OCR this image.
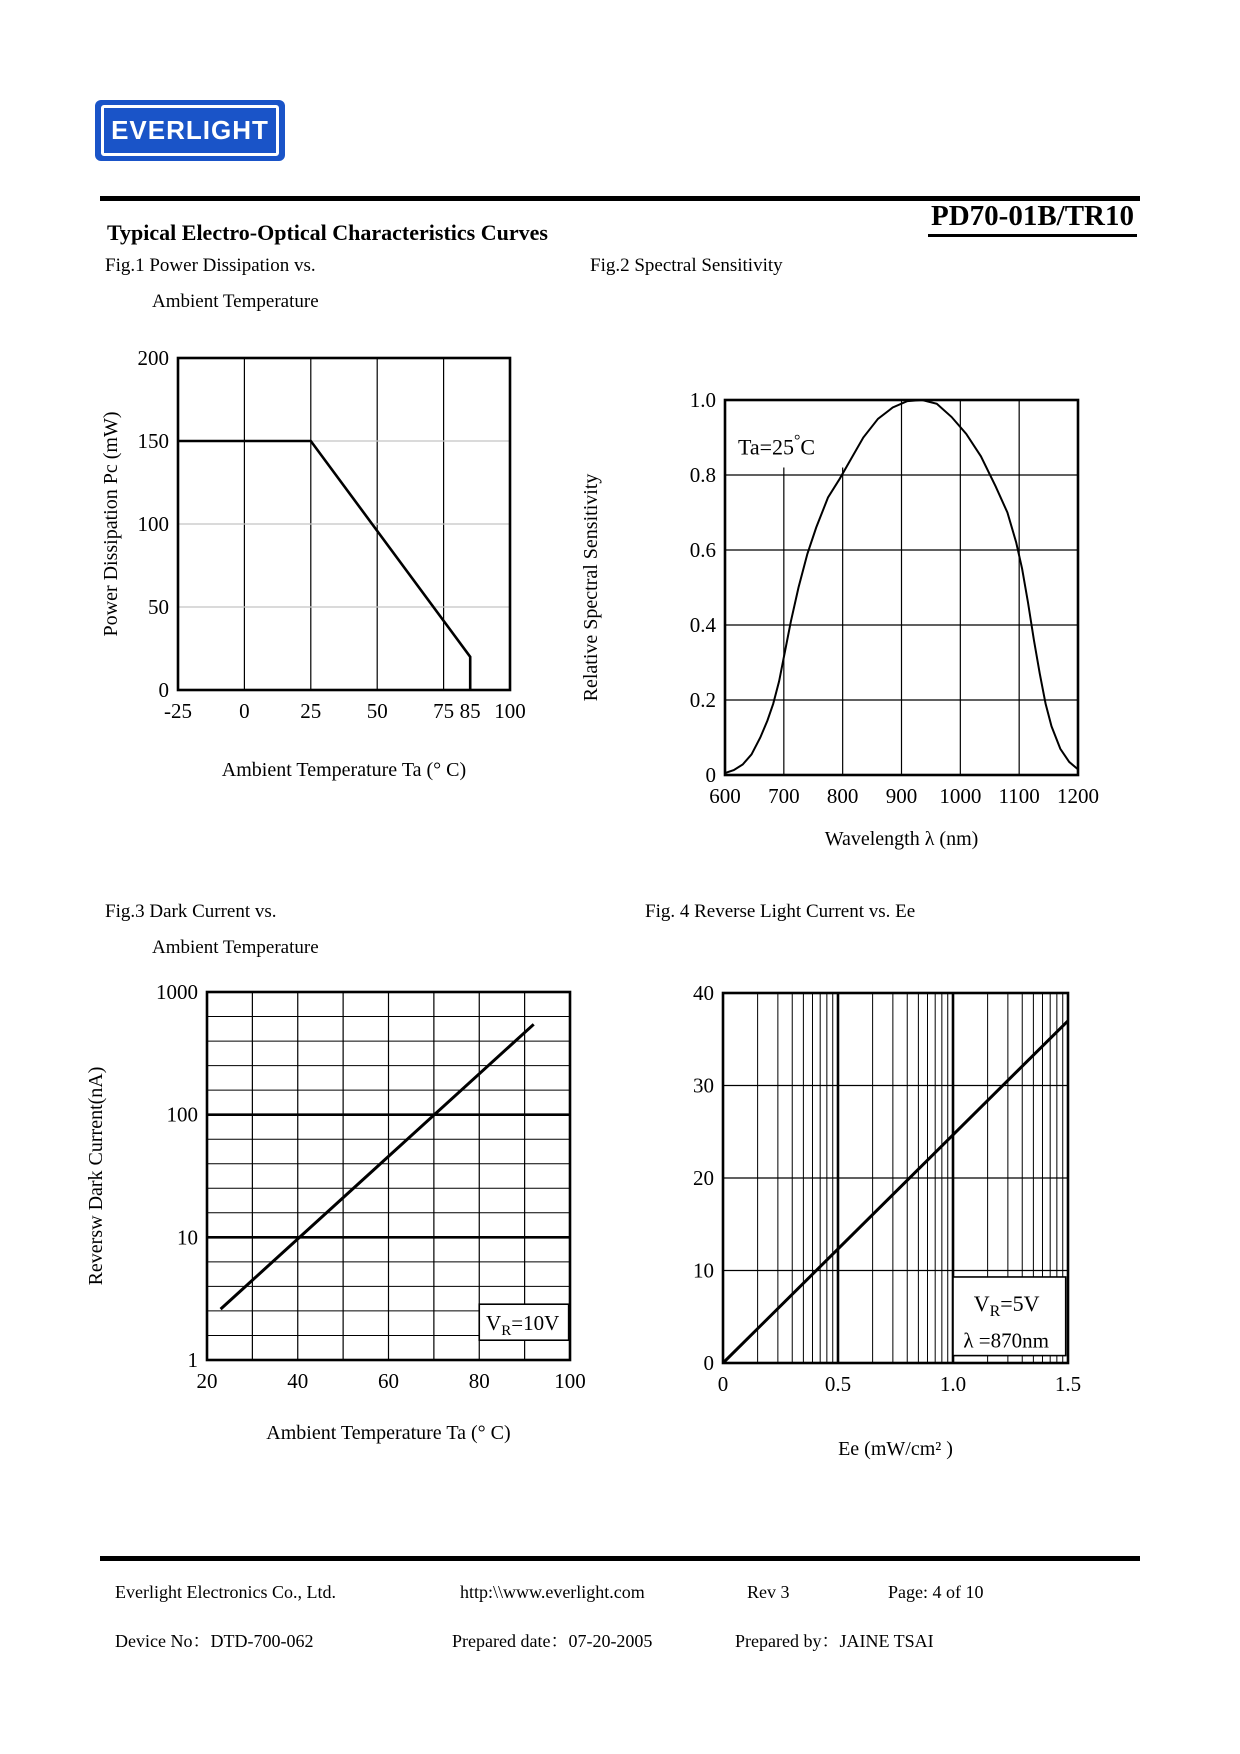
EVERLIGHT
PD70-01B/TR10
Typical Electro-Optical Characteristics Curves
Fig.1 Power Dissipation vs.
Ambient Temperature
Fig.2 Spectral Sensitivity
Fig.3 Dark Current vs.
Ambient Temperature
Fig. 4 Reverse Light Current vs. Ee
-25 0 25 50 75 85 100
0
50
100
150
200
Ambient Temperature Ta (° C)
Power Dissipation Pc (mW)	Ta=25°C
600 700 800 900 1000 1100 1200
0
0.2
0.4
0.6
0.8
1.0
Wavelength λ (nm)
Relative Spectral Sensitivity
$V_R=10V$
20	40	60	80	100
1
10
100
1000
Ambient Temperature Ta (° C)
Reversw Dark Current(nA)
$V_R=5V$
λ =870nm
0	0.5	1.0	1.5
0
10
20
30
40
Ee (mW/cm² )
Everlight Electronics Co., Ltd.	http:\\www.everlight.com	Rev 3	Page: 4 of 10
Device No：DTD-700-062	Prepared date：07-20-2005	Prepared by：JAINE TSAI
